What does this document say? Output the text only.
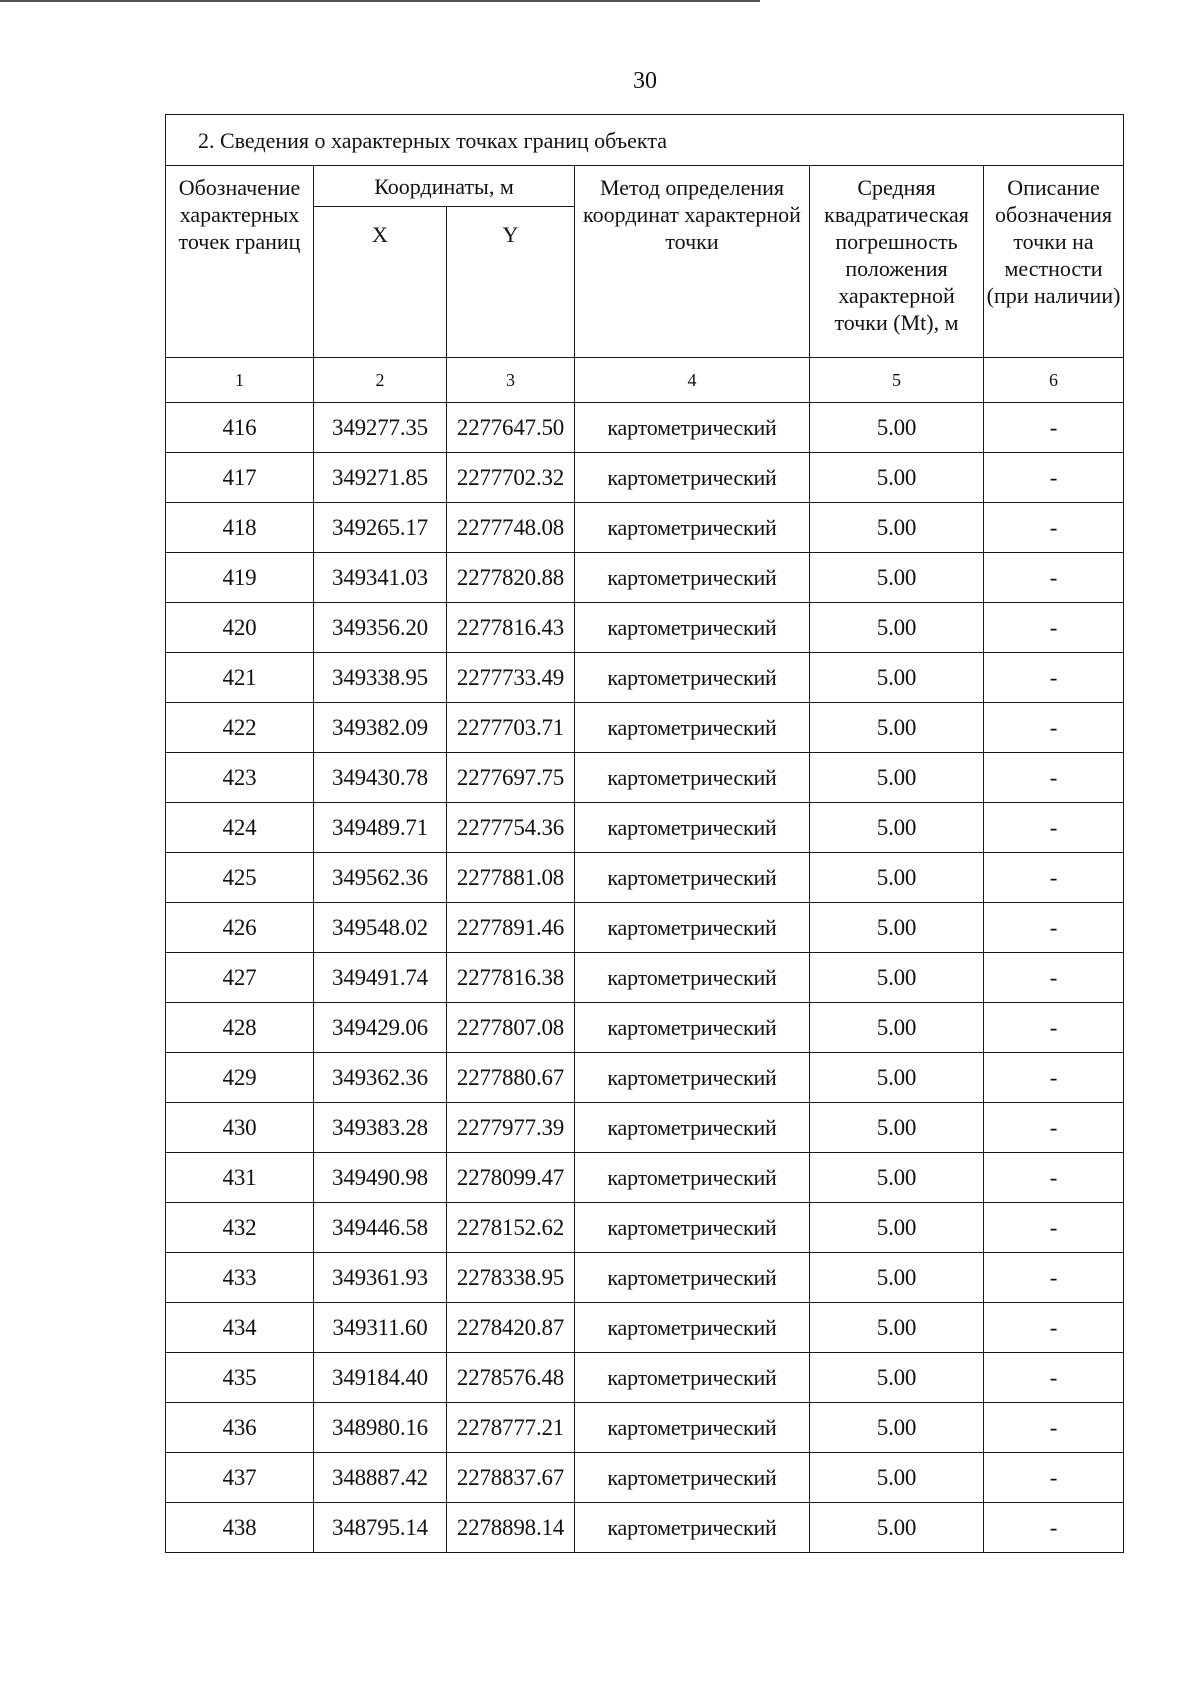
30
2. Сведения о характерных точках границ объекта					
Обозначение характерных точек границ	Координаты, м		Метод определения координат характерной точки	Средняя квадратическая погрешность положения характерной точки (Mt), м	Описание обозначения точки на местности (при наличии)
	X	Y			
1	2	3	4	5	6
416	349277.35	2277647.50	картометрический	5.00	-
417	349271.85	2277702.32	картометрический	5.00	-
418	349265.17	2277748.08	картометрический	5.00	-
419	349341.03	2277820.88	картометрический	5.00	-
420	349356.20	2277816.43	картометрический	5.00	-
421	349338.95	2277733.49	картометрический	5.00	-
422	349382.09	2277703.71	картометрический	5.00	-
423	349430.78	2277697.75	картометрический	5.00	-
424	349489.71	2277754.36	картометрический	5.00	-
425	349562.36	2277881.08	картометрический	5.00	-
426	349548.02	2277891.46	картометрический	5.00	-
427	349491.74	2277816.38	картометрический	5.00	-
428	349429.06	2277807.08	картометрический	5.00	-
429	349362.36	2277880.67	картометрический	5.00	-
430	349383.28	2277977.39	картометрический	5.00	-
431	349490.98	2278099.47	картометрический	5.00	-
432	349446.58	2278152.62	картометрический	5.00	-
433	349361.93	2278338.95	картометрический	5.00	-
434	349311.60	2278420.87	картометрический	5.00	-
435	349184.40	2278576.48	картометрический	5.00	-
436	348980.16	2278777.21	картометрический	5.00	-
437	348887.42	2278837.67	картометрический	5.00	-
438	348795.14	2278898.14	картометрический	5.00	-
